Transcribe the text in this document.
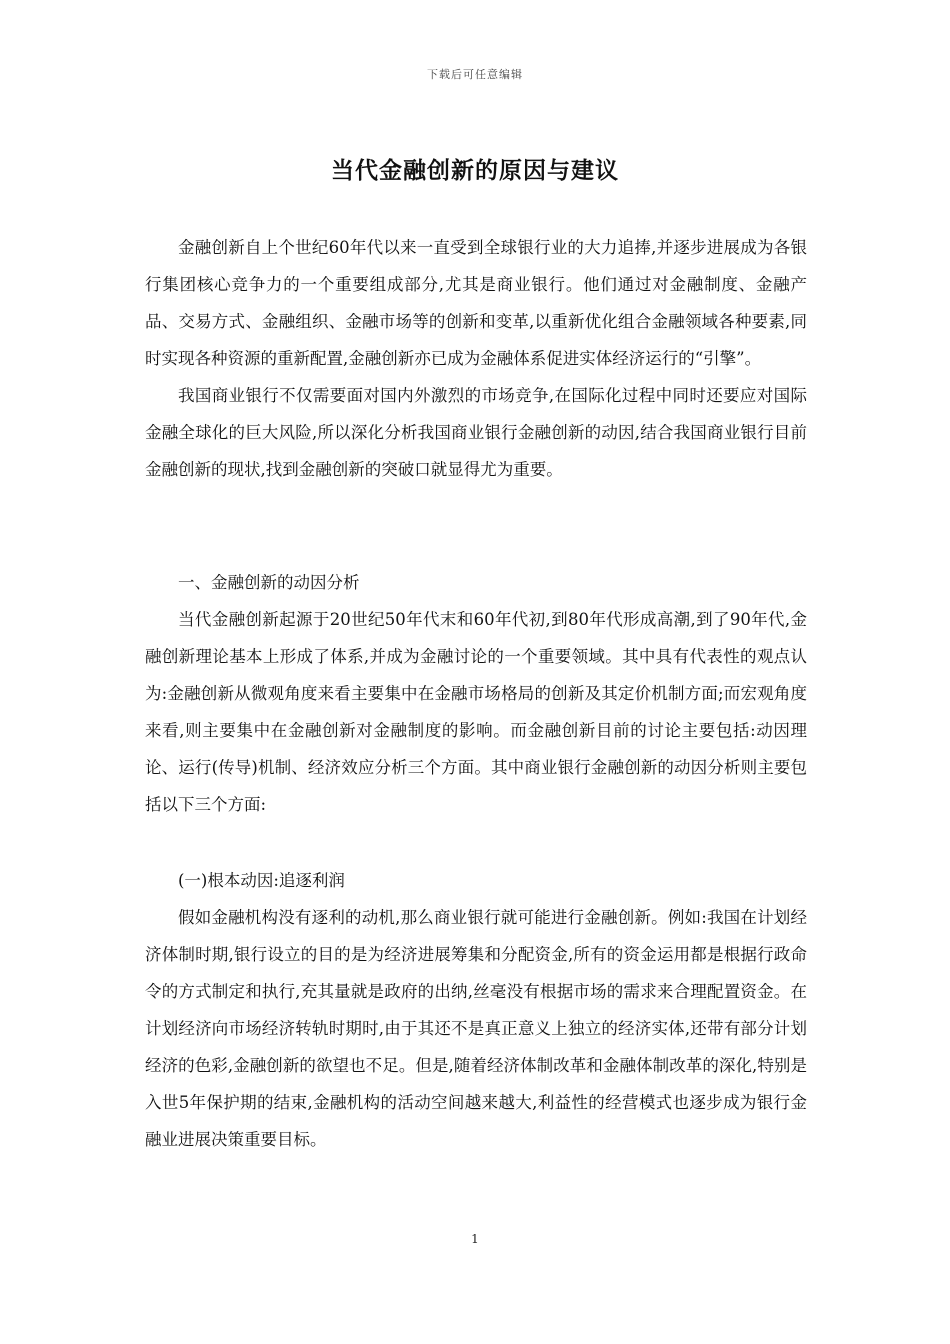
下载后可任意编辑
当代金融创新的原因与建议

金融创新自上个世纪60年代以来一直受到全球银行业的大力追捧,并逐步进展成为各银行集团核心竞争力的一个重要组成部分,尤其是商业银行。他们通过对金融制度、金融产品、交易方式、金融组织、金融市场等的创新和变革,以重新优化组合金融领域各种要素,同时实现各种资源的重新配置,金融创新亦已成为金融体系促进实体经济运行的“引擎”。

我国商业银行不仅需要面对国内外激烈的市场竞争,在国际化过程中同时还要应对国际金融全球化的巨大风险,所以深化分析我国商业银行金融创新的动因,结合我国商业银行目前金融创新的现状,找到金融创新的突破口就显得尤为重要。

一、金融创新的动因分析

当代金融创新起源于20世纪50年代末和60年代初,到80年代形成高潮,到了90年代,金融创新理论基本上形成了体系,并成为金融讨论的一个重要领域。其中具有代表性的观点认为:金融创新从微观角度来看主要集中在金融市场格局的创新及其定价机制方面;而宏观角度来看,则主要集中在金融创新对金融制度的影响。而金融创新目前的讨论主要包括:动因理论、运行(传导)机制、经济效应分析三个方面。其中商业银行金融创新的动因分析则主要包括以下三个方面:

(一)根本动因:追逐利润

假如金融机构没有逐利的动机,那么商业银行就可能进行金融创新。例如:我国在计划经济体制时期,银行设立的目的是为经济进展筹集和分配资金,所有的资金运用都是根据行政命令的方式制定和执行,充其量就是政府的出纳,丝毫没有根据市场的需求来合理配置资金。在计划经济向市场经济转轨时期时,由于其还不是真正意义上独立的经济实体,还带有部分计划经济的色彩,金融创新的欲望也不足。但是,随着经济体制改革和金融体制改革的深化,特别是入世5年保护期的结束,金融机构的活动空间越来越大,利益性的经营模式也逐步成为银行金融业进展决策重要目标。

1
